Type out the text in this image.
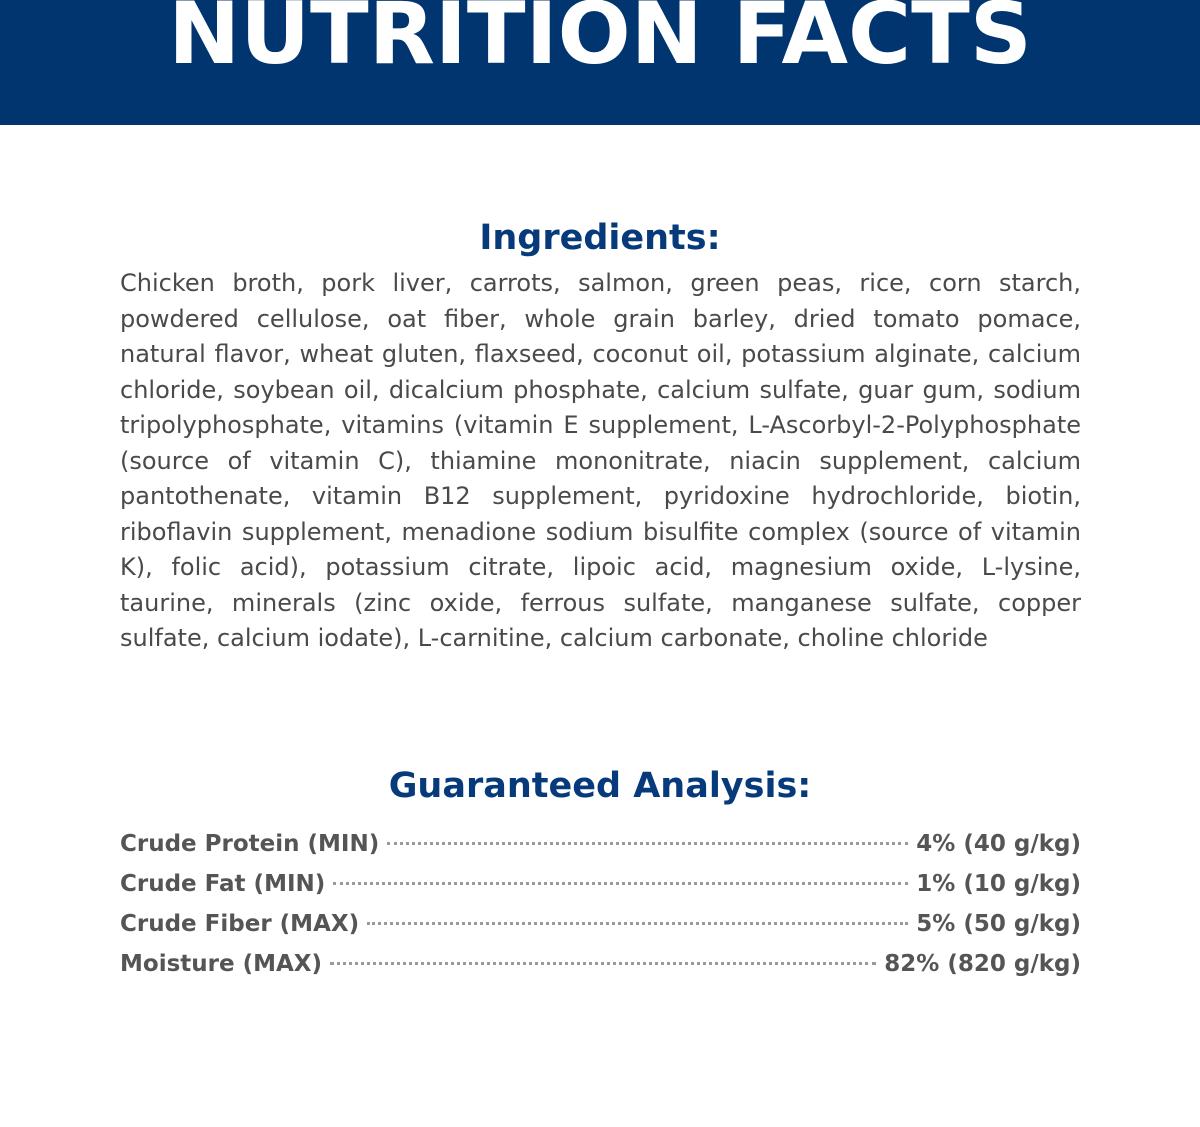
NUTRITION FACTS
Ingredients:

Chicken broth, pork liver, carrots, salmon, green peas, rice, corn starch, powdered cellulose, oat fiber, whole grain barley, dried tomato pomace, natural flavor, wheat gluten, flaxseed, coconut oil, potassium alginate, calcium chloride, soybean oil, dicalcium phosphate, calcium sulfate, guar gum, sodium tripolyphosphate, vitamins (vitamin E supplement, L-Ascorbyl-2-Polyphosphate (source of vitamin C), thiamine mononitrate, niacin supplement, calcium pantothenate, vitamin B12 supplement, pyridoxine hydrochloride, biotin, riboflavin supplement, menadione sodium bisulfite complex (source of vitamin K), folic acid), potassium citrate, lipoic acid, magnesium oxide, L-lysine, taurine, minerals (zinc oxide, ferrous sulfate, manganese sulfate, copper sulfate, calcium iodate), L-carnitine, calcium carbonate, choline chloride

Guaranteed Analysis:
Crude Protein (MIN)	4% (40 g/kg)
Crude Fat (MIN)	1% (10 g/kg)
Crude Fiber (MAX)	5% (50 g/kg)
Moisture (MAX)	82% (820 g/kg)
